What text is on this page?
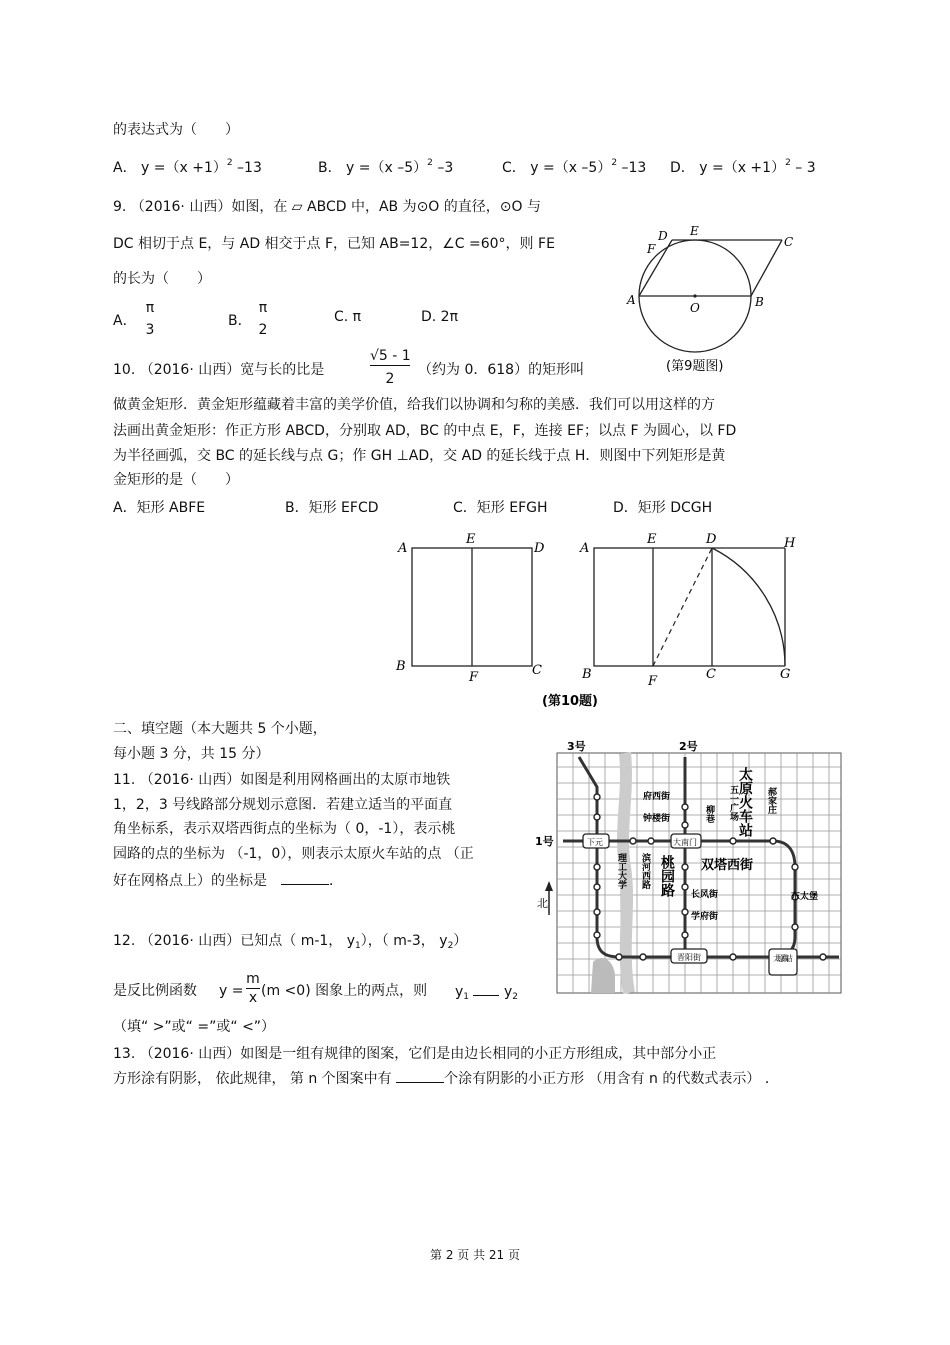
的表达式为（　　）
A． $y =(x +1)^2$ –13	B． y =（x –5）$^2$ –3	C． y =（x –5）$^2$ –13 D． $y =(x +1)^2 - 3$
9. （2016· 山西）如图，在 ▱ ABCD 中，AB 为⊙O 的直径，⊙O 与
DC 相切于点 E，与 AD 相交于点 F，已知 AB=12，∠C =60°，则 FE
的长为（　　）
A．
π
3
B．
π
2
C. π	D. 2π
A	B
C
D E
F
O
(第9题图)
10. （2016· 山西）宽与长的比是
√5 - 1
2
（约为 0．618）的矩形叫
做黄金矩形．黄金矩形蕴藏着丰富的美学价值，给我们以协调和匀称的美感．我们可以用这样的方
法画出黄金矩形：作正方形 ABCD，分别取 AD，BC 的中点 E，F，连接 EF；以点 F 为圆心，以 FD
为半径画弧，交 BC 的延长线与点 G；作 GH ⊥AD，交 AD 的延长线于点 H．则图中下列矩形是黄
金矩形的是（　　）
A．矩形 ABFE	B．矩形 EFCD	C．矩形 EFGH	D．矩形 DCGH
A
E
D
B
F	C
A
E	D	H
B	F	C	G
(第10题)
二、填空题（本大题共 5 个小题，
每小题 3 分，共 15 分）
11. （2016· 山西）如图是利用网格画出的太原市地铁
1，2，3 号线路部分规划示意图．若建立适当的平面直
角坐标系，表示双塔西街点的坐标为（ 0，-1），表示桃
园路的点的坐标为 （-1，0），则表示太原火车站的点 （正
好在网格点上）的坐标是　	．
3号	2号
1号
北
下元	大南门
晋阳街	太原南站
府西街
钟楼街
长风街
学府街
双塔西街
东太堡
太原火车站
五一广场	郝家庄
柳巷
理工大学 滨河西路 桃园路
12. （2016· 山西）已知点（ m-1， $y_1$），（ m-3， $y_2$）
是反比例函数 y =
m
x (m <0) 图象上的两点，则 $y_1$ $y_2$
（填“ >”或“ =”或“ <”）
13. （2016· 山西）如图是一组有规律的图案，它们是由边长相同的小正方形组成，其中部分小正
方形涂有阴影， 依此规律， 第 n 个图案中有	个涂有阴影的小正方形 （用含有 n 的代数式表示） ．
第 2 页 共 21 页
